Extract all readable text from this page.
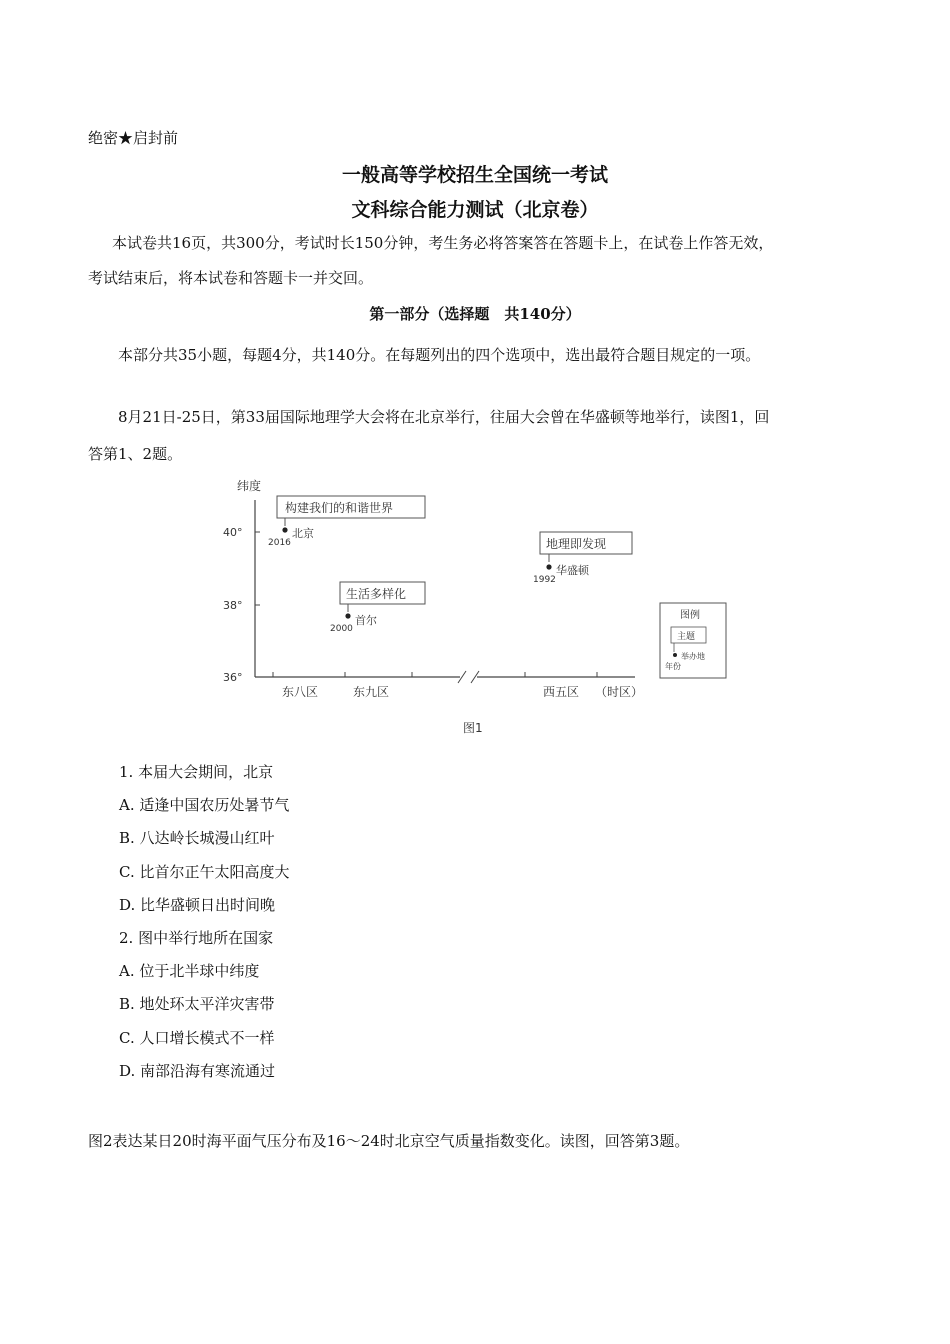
绝密★启封前
一般高等学校招生全国统一考试
文科综合能力测试（北京卷）
本试卷共16页，共300分，考试时长150分钟，考生务必将答案答在答题卡上，在试卷上作答无效，
考试结束后，将本试卷和答题卡一并交回。
第一部分（选择题　共140分）
本部分共35小题，每题4分，共140分。在每题列出的四个选项中，选出最符合题目规定的一项。
8月21日-25日，第33届国际地理学大会将在北京举行，往届大会曾在华盛顿等地举行，读图1，回
答第1、2题。
纬度
40°
38°
36°
东八区	东九区	西五区 （时区）
构建我们的和谐世界
2016
北京
生活多样化
2000
首尔
地理即发现
1992
华盛顿
图例
主题
举办地
年份
图1
1. 本届大会期间，北京
A. 适逢中国农历处暑节气
B. 八达岭长城漫山红叶
C. 比首尔正午太阳高度大
D. 比华盛顿日出时间晚
2. 图中举行地所在国家
A. 位于北半球中纬度
B. 地处环太平洋灾害带
C. 人口增长模式不一样
D. 南部沿海有寒流通过
图2表达某日20时海平面气压分布及16～24时北京空气质量指数变化。读图，回答第3题。
